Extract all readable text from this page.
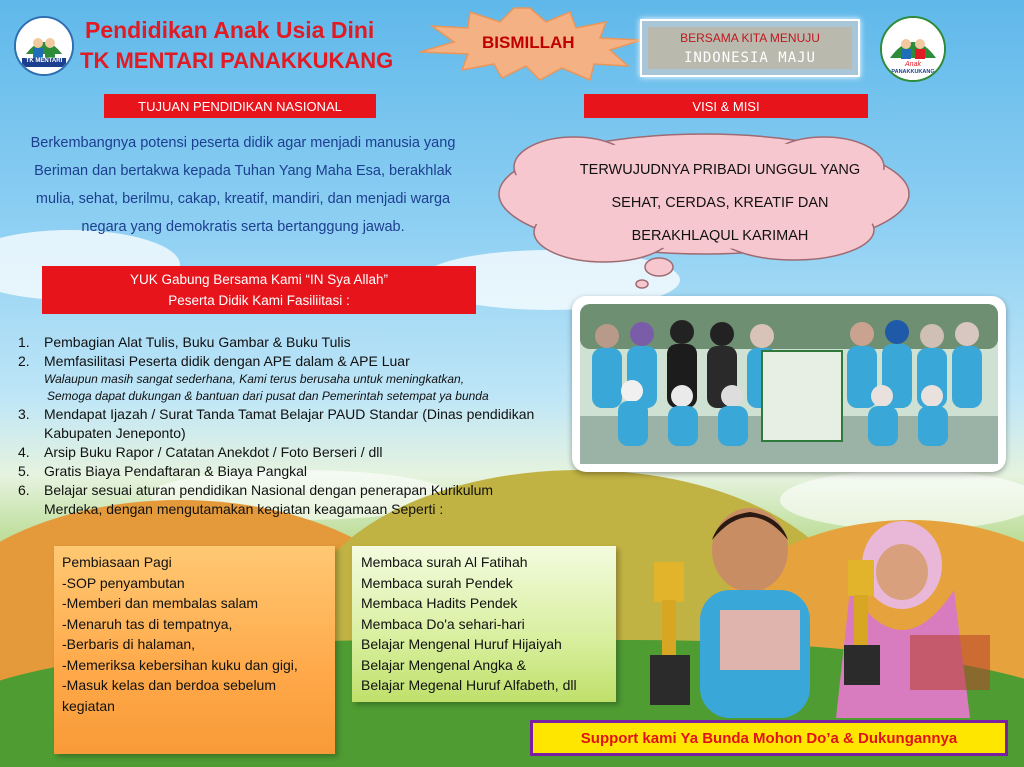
TK MENTARI
Pendidikan Anak Usia Dini
TK MENTARI PANAKKUKANG
BISMILLAH	BERSAMA KITA MENUJU
INDONESIA MAJU	Anak
PANAKKUKANG
TUJUAN PENDIDIKAN NASIONAL	VISI & MISI
Berkembangnya potensi peserta didik agar menjadi manusia yang
Beriman dan bertakwa kepada Tuhan Yang Maha Esa, berakhlak
mulia, sehat, berilmu, cakap, kreatif, mandiri, dan menjadi warga
negara yang demokratis serta bertanggung jawab.
TERWUJUDNYA PRIBADI UNGGUL YANG
SEHAT, CERDAS, KREATIF DAN
BERAKHLAQUL KARIMAH
YUK Gabung Bersama Kami “IN Sya Allah”
Peserta Didik Kami Fasiliitasi :
1. Pembagian Alat Tulis, Buku Gambar & Buku Tulis
2. Memfasilitasi Peserta didik dengan APE dalam & APE Luar
Walaupun masih sangat sederhana, Kami terus berusaha untuk meningkatkan,
Semoga dapat dukungan & bantuan dari pusat dan Pemerintah setempat ya bunda
3. Mendapat Ijazah / Surat Tanda Tamat Belajar PAUD Standar (Dinas pendidikan Kabupaten Jeneponto)
4. Arsip Buku Rapor / Catatan Anekdot / Foto Berseri / dll
5. Gratis Biaya Pendaftaran & Biaya Pangkal
6. Belajar sesuai aturan pendidikan Nasional dengan penerapan Kurikulum Merdeka, dengan mengutamakan kegiatan keagamaan Seperti :
Pembiasaan Pagi
-SOP penyambutan
-Memberi dan membalas salam
-Menaruh tas di tempatnya,
-Berbaris di halaman,
-Memeriksa kebersihan kuku dan gigi,
-Masuk kelas dan berdoa sebelum
kegiatan
Membaca surah Al Fatihah
Membaca surah Pendek
Membaca Hadits Pendek
Membaca Do'a sehari-hari
Belajar Mengenal Huruf Hijaiyah
Belajar Mengenal Angka &
Belajar Megenal Huruf Alfabeth, dll
Support kami Ya Bunda Mohon Do’a & Dukungannya
